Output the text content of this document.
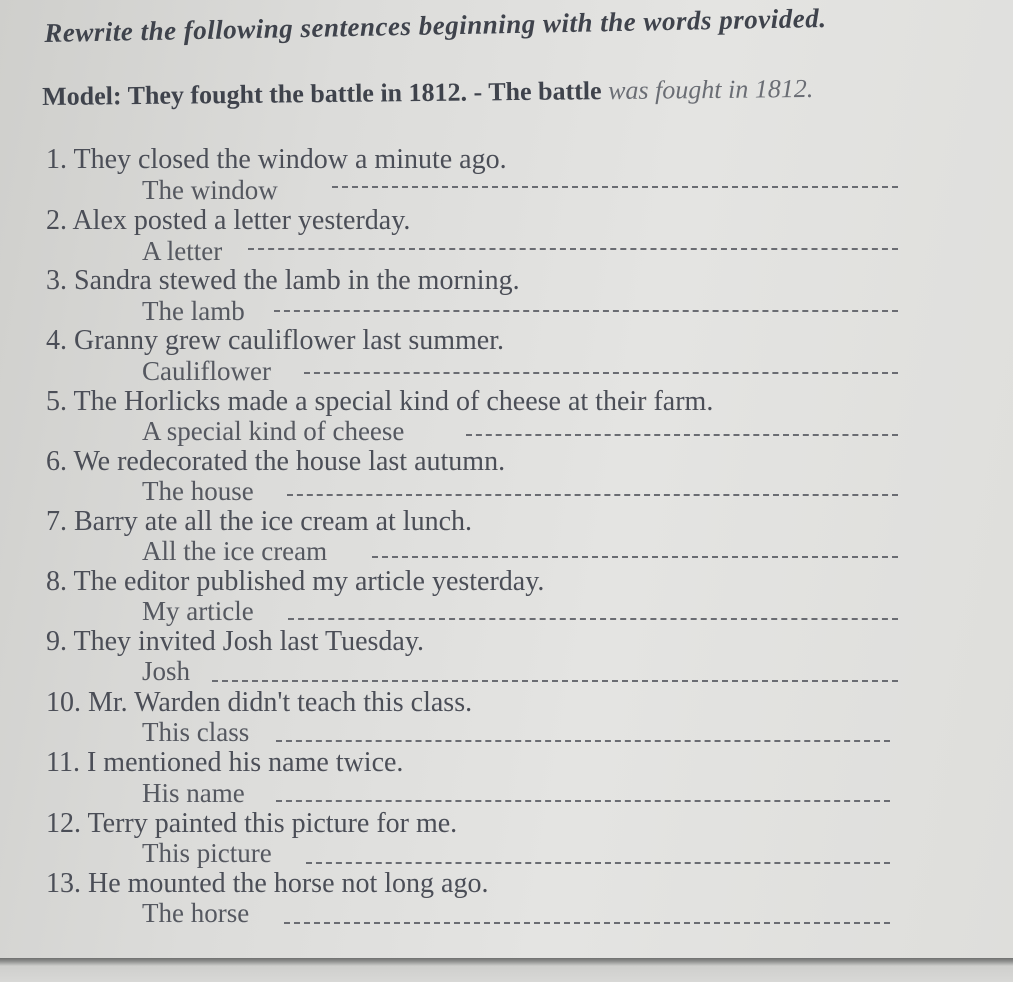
Rewrite the following sentences beginning with the words provided.
Model: They fought the battle in 1812. - The battle was fought in 1812.
1. They closed the window a minute ago.
The window
2. Alex posted a letter yesterday.
A letter
3. Sandra stewed the lamb in the morning.
The lamb
4. Granny grew cauliflower last summer.
Cauliflower
5. The Horlicks made a special kind of cheese at their farm.
A special kind of cheese
6. We redecorated the house last autumn.
The house
7. Barry ate all the ice cream at lunch.
All the ice cream
8. The editor published my article yesterday.
My article
9. They invited Josh last Tuesday.
Josh
10. Mr. Warden didn't teach this class.
This class
11. I mentioned his name twice.
His name
12. Terry painted this picture for me.
This picture
13. He mounted the horse not long ago.
The horse
